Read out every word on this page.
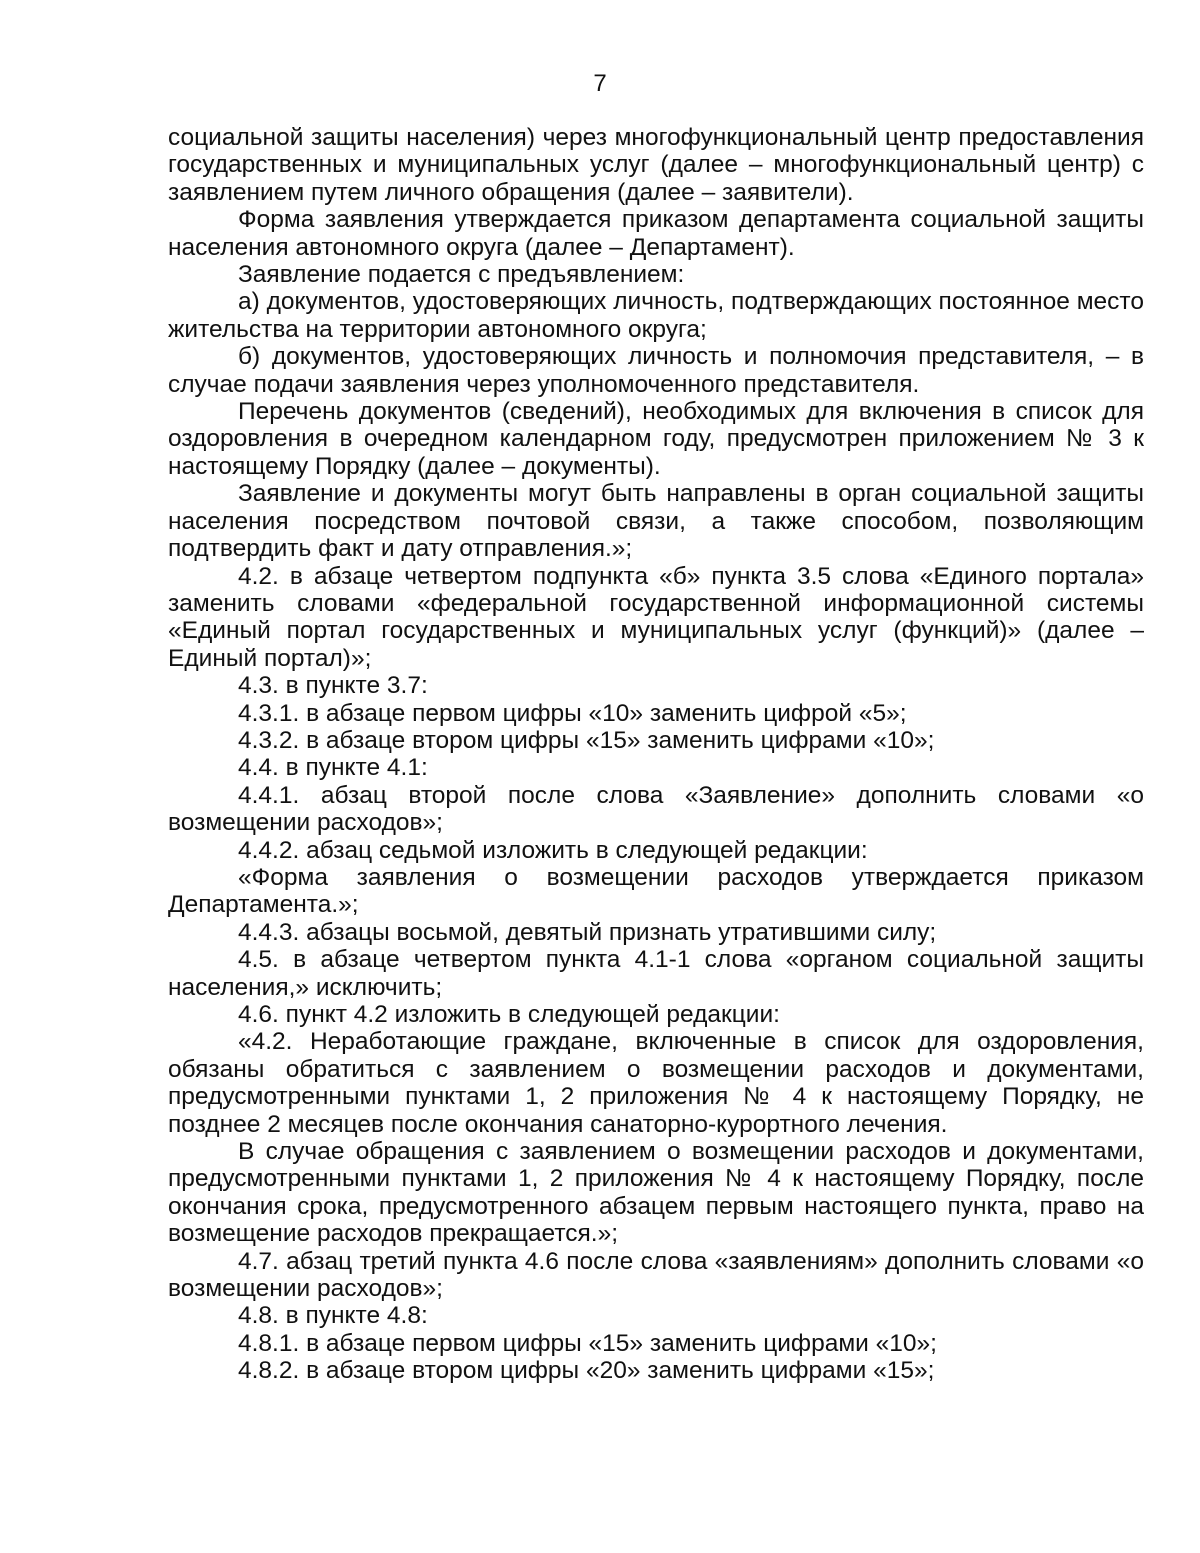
7

социальной защиты населения) через многофункциональный центр предоставления государственных и муниципальных услуг (далее – многофункциональный центр) с заявлением путем личного обращения (далее – заявители).

Форма заявления утверждается приказом департамента социальной защиты населения автономного округа (далее – Департамент).

Заявление подается с предъявлением:

а) документов, удостоверяющих личность, подтверждающих постоянное место жительства на территории автономного округа;

б) документов, удостоверяющих личность и полномочия представителя, – в случае подачи заявления через уполномоченного представителя.

Перечень документов (сведений), необходимых для включения в список для оздоровления в очередном календарном году, предусмотрен приложением № 3 к настоящему Порядку (далее – документы).

Заявление и документы могут быть направлены в орган социальной защиты населения посредством почтовой связи, а также способом, позволяющим подтвердить факт и дату отправления.»;

4.2. в абзаце четвертом подпункта «б» пункта 3.5 слова «Единого портала» заменить словами «федеральной государственной информационной системы «Единый портал государственных и муниципальных услуг (функций)» (далее – Единый портал)»;

4.3. в пункте 3.7:

4.3.1. в абзаце первом цифры «10» заменить цифрой «5»;

4.3.2. в абзаце втором цифры «15» заменить цифрами «10»;

4.4. в пункте 4.1:

4.4.1. абзац второй после слова «Заявление» дополнить словами «о возмещении расходов»;

4.4.2. абзац седьмой изложить в следующей редакции:

«Форма заявления о возмещении расходов утверждается приказом Департамента.»;

4.4.3. абзацы восьмой, девятый признать утратившими силу;

4.5. в абзаце четвертом пункта 4.1-1 слова «органом социальной защиты населения,» исключить;

4.6. пункт 4.2 изложить в следующей редакции:

«4.2. Неработающие граждане, включенные в список для оздоровления, обязаны обратиться с заявлением о возмещении расходов и документами, предусмотренными пунктами 1, 2 приложения № 4 к настоящему Порядку, не позднее 2 месяцев после окончания санаторно-курортного лечения.

В случае обращения с заявлением о возмещении расходов и документами, предусмотренными пунктами 1, 2 приложения № 4 к настоящему Порядку, после окончания срока, предусмотренного абзацем первым настоящего пункта, право на возмещение расходов прекращается.»;

4.7. абзац третий пункта 4.6 после слова «заявлениям» дополнить словами «о возмещении расходов»;

4.8. в пункте 4.8:

4.8.1. в абзаце первом цифры «15» заменить цифрами «10»;

4.8.2. в абзаце втором цифры «20» заменить цифрами «15»;
